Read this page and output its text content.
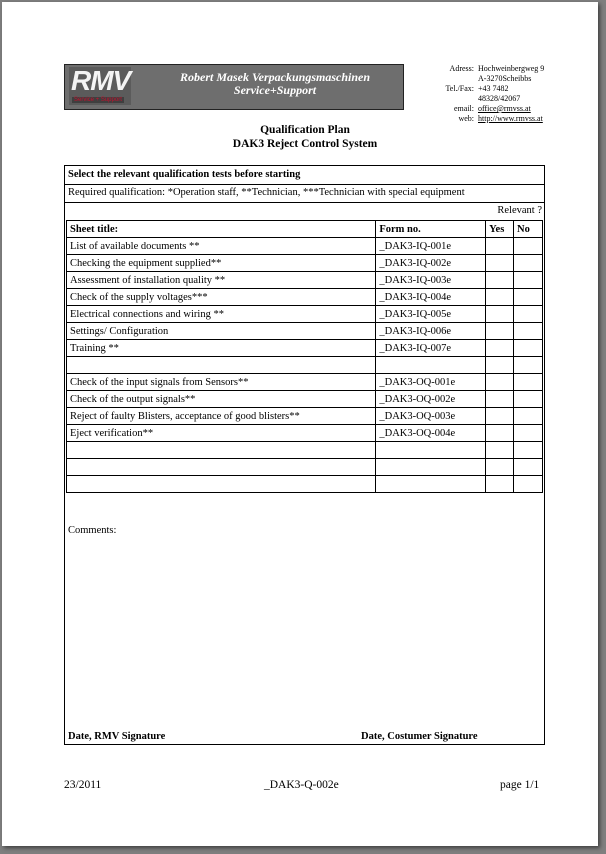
RMV
Service + Support
Robert Masek Verpackungsmaschinen
Service+Support
Adress: Hochweinbergweg 9
A-3270Scheibbs
Tel./Fax: +43 7482 48328/42067
email: office@rmvss.at
web: http://www.rmvss.at
Qualification Plan
DAK3 Reject Control System
Select the relevant qualification tests before starting
Required qualification: *Operation staff, **Technician, ***Technician with special equipment
Relevant ?
Sheet title:	Form no.	Yes	No
List of available documents **	_DAK3-IQ-001e		
Checking the equipment supplied**	_DAK3-IQ-002e		
Assessment of installation quality **	_DAK3-IQ-003e		
Check of the supply voltages***	_DAK3-IQ-004e		
Electrical connections and wiring **	_DAK3-IQ-005e		
Settings/ Configuration	_DAK3-IQ-006e		
Training **	_DAK3-IQ-007e		

Check of the input signals from Sensors**	_DAK3-OQ-001e		
Check of the output signals**	_DAK3-OQ-002e		
Reject of faulty Blisters, acceptance of good blisters**	_DAK3-OQ-003e		
Eject verification**	_DAK3-OQ-004e		

Comments:
Date, RMV Signature	Date, Costumer Signature
23/2011	_DAK3-Q-002e	page 1/1
